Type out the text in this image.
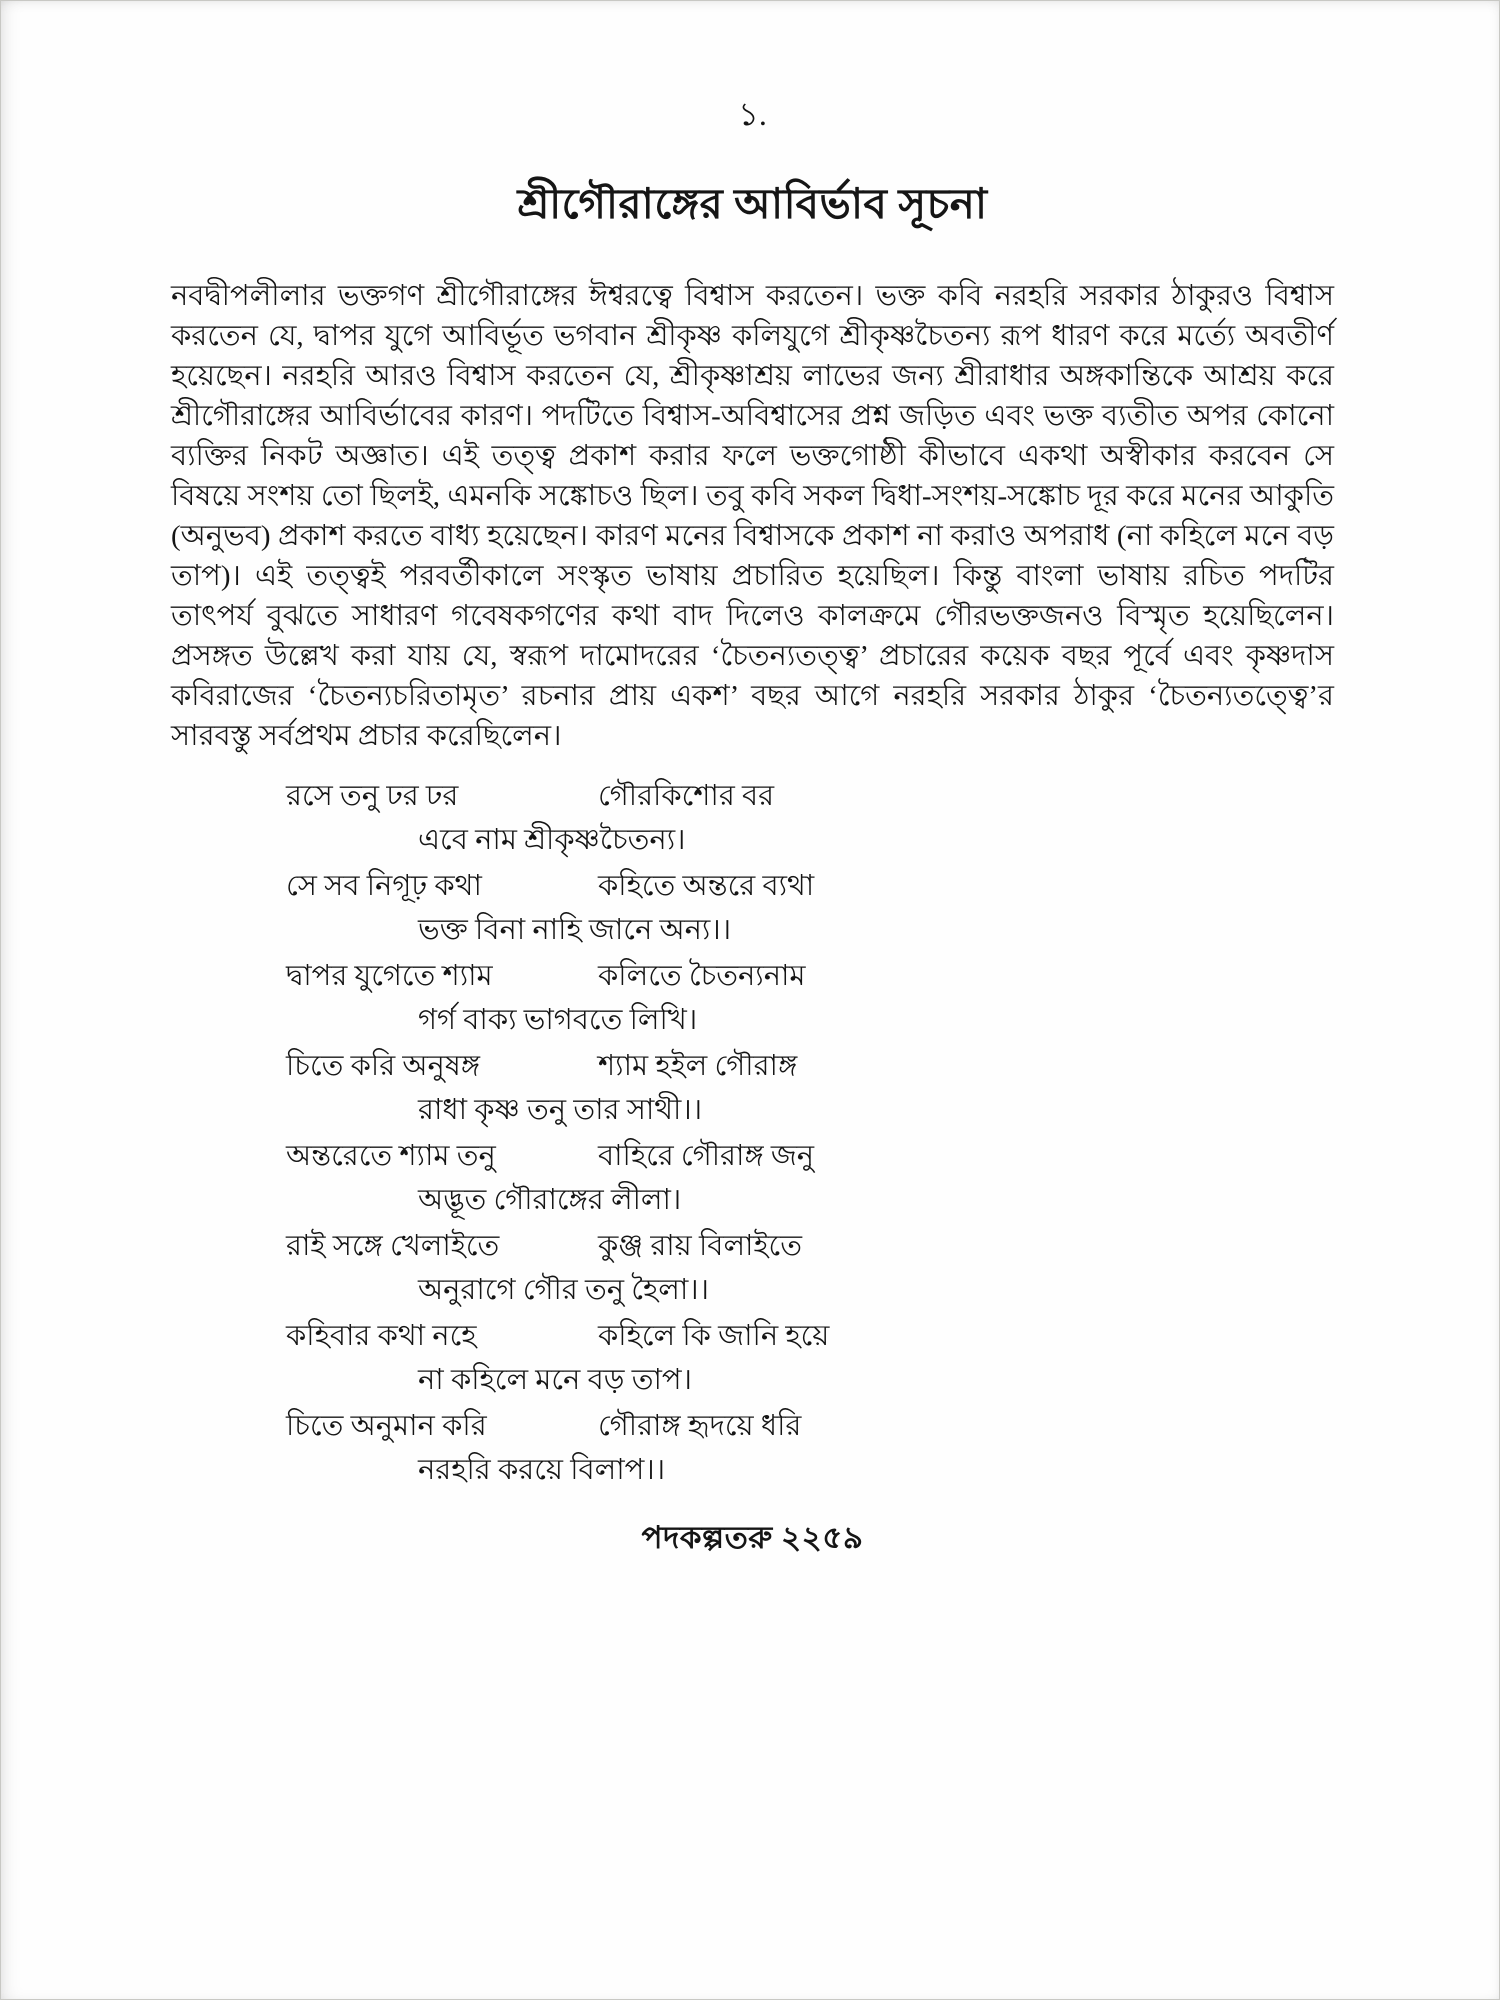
১.
শ্রীগৌরাঙ্গের আবির্ভাব সূচনা

নবদ্বীপলীলার ভক্তগণ শ্রীগৌরাঙ্গের ঈশ্বরত্বে বিশ্বাস করতেন। ভক্ত কবি নরহরি সরকার ঠাকুরও বিশ্বাস করতেন যে, দ্বাপর যুগে আবির্ভূত ভগবান শ্রীকৃষ্ণ কলিযুগে শ্রীকৃষ্ণচৈতন্য রূপ ধারণ করে মর্ত্যে অবতীর্ণ হয়েছেন। নরহরি আরও বিশ্বাস করতেন যে, শ্রীকৃষ্ণাশ্রয় লাভের জন্য শ্রীরাধার অঙ্গকান্তিকে আশ্রয় করে শ্রীগৌরাঙ্গের আবির্ভাবের কারণ। পদটিতে বিশ্বাস-অবিশ্বাসের প্রশ্ন জড়িত এবং ভক্ত ব্যতীত অপর কোনো ব্যক্তির নিকট অজ্ঞাত। এই তত্ত্ব প্রকাশ করার ফলে ভক্তগোষ্ঠী কীভাবে একথা অস্বীকার করবেন সে বিষয়ে সংশয় তো ছিলই, এমনকি সঙ্কোচও ছিল। তবু কবি সকল দ্বিধা-সংশয়-সঙ্কোচ দূর করে মনের আকুতি (অনুভব) প্রকাশ করতে বাধ্য হয়েছেন। কারণ মনের বিশ্বাসকে প্রকাশ না করাও অপরাধ (না কহিলে মনে বড় তাপ)। এই তত্ত্বই পরবর্তীকালে সংস্কৃত ভাষায় প্রচারিত হয়েছিল। কিন্তু বাংলা ভাষায় রচিত পদটির তাৎপর্য বুঝতে সাধারণ গবেষকগণের কথা বাদ দিলেও কালক্রমে গৌরভক্তজনও বিস্মৃত হয়েছিলেন। প্রসঙ্গত উল্লেখ করা যায় যে, স্বরূপ দামোদরের ‘চৈতন্যতত্ত্ব’ প্রচারের কয়েক বছর পূর্বে এবং কৃষ্ণদাস কবিরাজের ‘চৈতন্যচরিতামৃত’ রচনার প্রায় একশ’ বছর আগে নরহরি সরকার ঠাকুর ‘চৈতন্যতত্ত্বে’র সারবস্তু সর্বপ্রথম প্রচার করেছিলেন।

রসে তনু ঢর ঢর	গৌরকিশোর বর
এবে নাম শ্রীকৃষ্ণচৈতন্য।
সে সব নিগূঢ় কথা	কহিতে অন্তরে ব্যথা
ভক্ত বিনা নাহি জানে অন্য।।
দ্বাপর যুগেতে শ্যাম	কলিতে চৈতন্যনাম
গর্গ বাক্য ভাগবতে লিখি।
চিতে করি অনুষঙ্গ	শ্যাম হইল গৌরাঙ্গ
রাধা কৃষ্ণ তনু তার সাথী।।
অন্তরেতে শ্যাম তনু	বাহিরে গৌরাঙ্গ জনু
অদ্ভূত গৌরাঙ্গের লীলা।
রাই সঙ্গে খেলাইতে	কুঞ্জ রায় বিলাইতে
অনুরাগে গৌর তনু হৈলা।।
কহিবার কথা নহে	কহিলে কি জানি হয়ে
না কহিলে মনে বড় তাপ।
চিতে অনুমান করি	গৌরাঙ্গ হৃদয়ে ধরি
নরহরি করয়ে বিলাপ।।
পদকল্পতরু ২২৫৯
